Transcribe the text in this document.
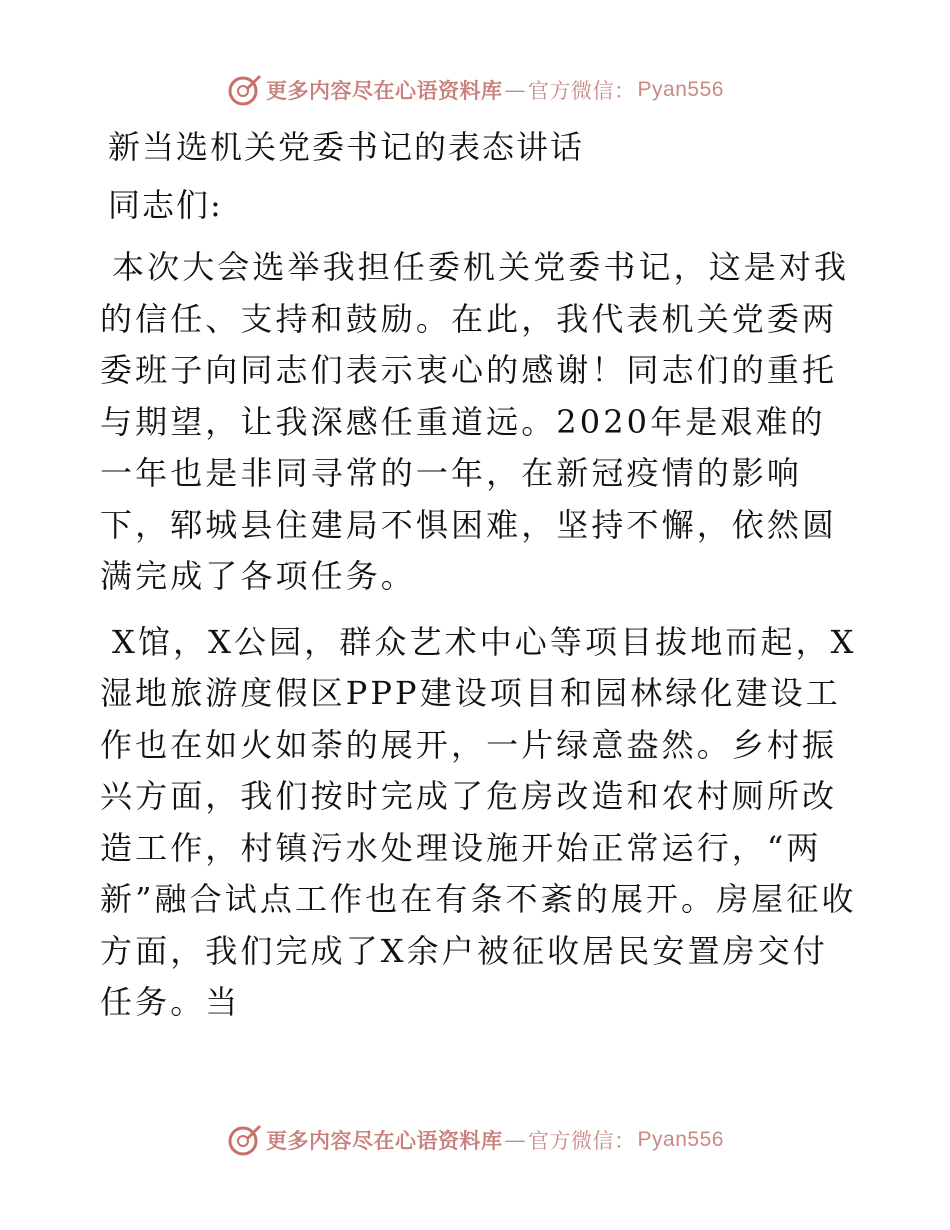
更多内容尽在心语资料库 — 官方微信： Pyan556
新当选机关党委书记的表态讲话
同志们:

本次大会选举我担任委机关党委书记，这是对我的信任、支持和鼓励。在此，我代表机关党委两委班子向同志们表示衷心的感谢！同志们的重托与期望，让我深感任重道远。2020年是艰难的一年也是非同寻常的一年，在新冠疫情的影响下，郓城县住建局不惧困难，坚持不懈，依然圆满完成了各项任务。

X馆，X公园，群众艺术中心等项目拔地而起，X湿地旅游度假区PPP建设项目和园林绿化建设工作也在如火如荼的展开，一片绿意盎然。乡村振兴方面，我们按时完成了危房改造和农村厕所改造工作，村镇污水处理设施开始正常运行，“两新”融合试点工作也在有条不紊的展开。房屋征收方面，我们完成了X余户被征收居民安置房交付任务。当

更多内容尽在心语资料库 — 官方微信： Pyan556
